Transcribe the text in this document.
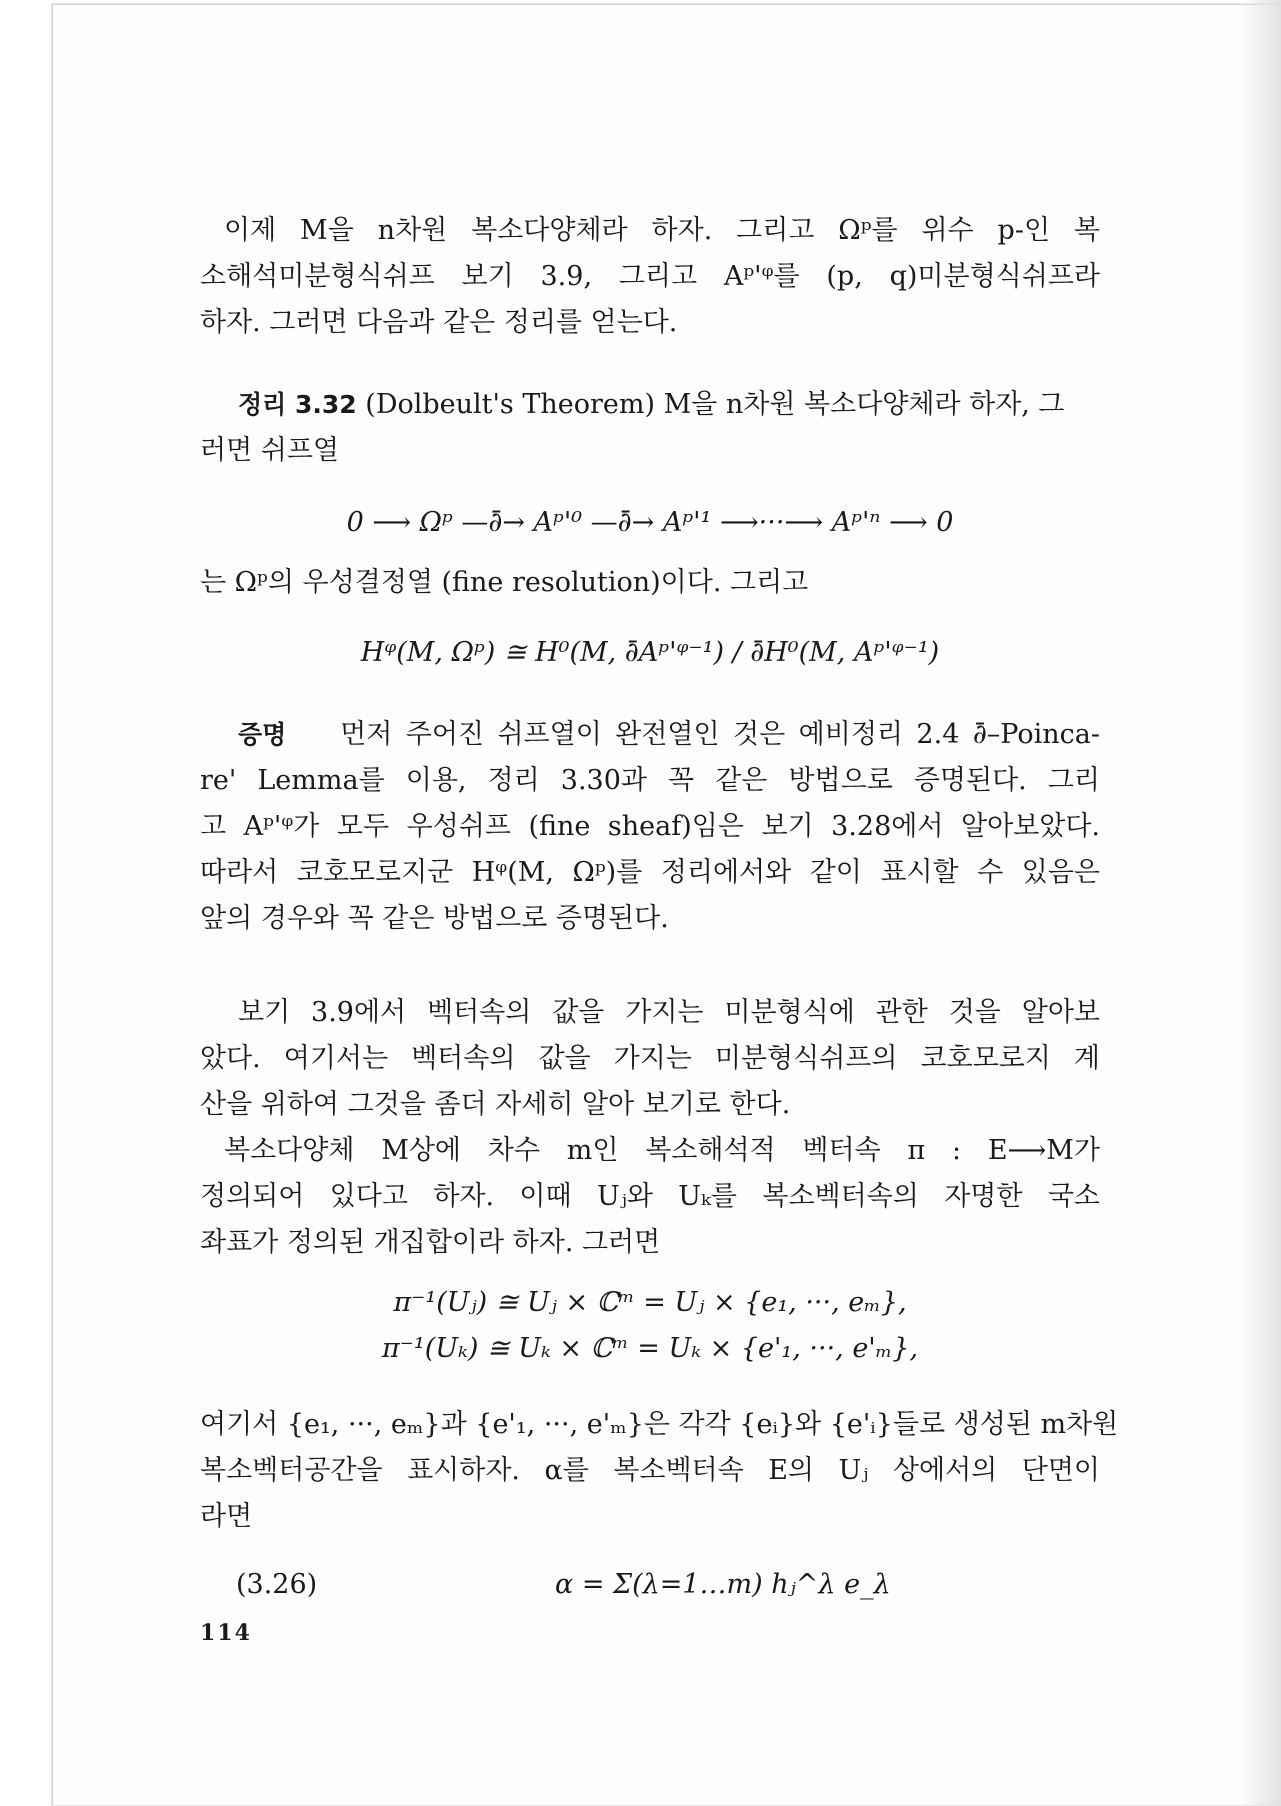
이제 M을 n차원 복소다양체라 하자. 그리고 Ωᵖ를 위수 p-인 복
소해석미분형식쉬프 보기 3.9, 그리고 Aᵖ'ᵠ를 (p, q)미분형식쉬프라
하자. 그러면 다음과 같은 정리를 얻는다.
정리 3.32 (Dolbeult's Theorem) M을 n차원 복소다양체라 하자, 그
러면 쉬프열
0 ⟶ Ωᵖ —∂̄→ Aᵖ'⁰ —∂̄→ Aᵖ'¹ ⟶···⟶ Aᵖ'ⁿ ⟶ 0
는 Ωᵖ의 우성결정열 (fine resolution)이다. 그리고
Hᵠ(M, Ωᵖ) ≅ H⁰(M, ∂̄Aᵖ'ᵠ⁻¹) / ∂̄H⁰(M, Aᵖ'ᵠ⁻¹)
증명 먼저 주어진 쉬프열이 완전열인 것은 예비정리 2.4 ∂̄–Poinca-
re' Lemma를 이용, 정리 3.30과 꼭 같은 방법으로 증명된다. 그리
고 Aᵖ'ᵠ가 모두 우성쉬프 (fine sheaf)임은 보기 3.28에서 알아보았다.
따라서 코호모로지군 Hᵠ(M, Ωᵖ)를 정리에서와 같이 표시할 수 있음은
앞의 경우와 꼭 같은 방법으로 증명된다.
보기 3.9에서 벡터속의 값을 가지는 미분형식에 관한 것을 알아보
았다. 여기서는 벡터속의 값을 가지는 미분형식쉬프의 코호모로지 계
산을 위하여 그것을 좀더 자세히 알아 보기로 한다.
복소다양체 M상에 차수 m인 복소해석적 벡터속 π : E⟶M가
정의되어 있다고 하자. 이때 Uⱼ와 Uₖ를 복소벡터속의 자명한 국소
좌표가 정의된 개집합이라 하자. 그러면
π⁻¹(Uⱼ) ≅ Uⱼ × ℂᵐ = Uⱼ × {e₁, ···, eₘ},
π⁻¹(Uₖ) ≅ Uₖ × ℂᵐ = Uₖ × {e'₁, ···, e'ₘ},
여기서 {e₁, ···, eₘ}과 {e'₁, ···, e'ₘ}은 각각 {eᵢ}와 {e'ᵢ}들로 생성된 m차원
복소벡터공간을 표시하자. α를 복소벡터속 E의 Uⱼ 상에서의 단면이
라면
(3.26)	α = Σ(λ=1…m) hⱼ^λ e_λ
114
